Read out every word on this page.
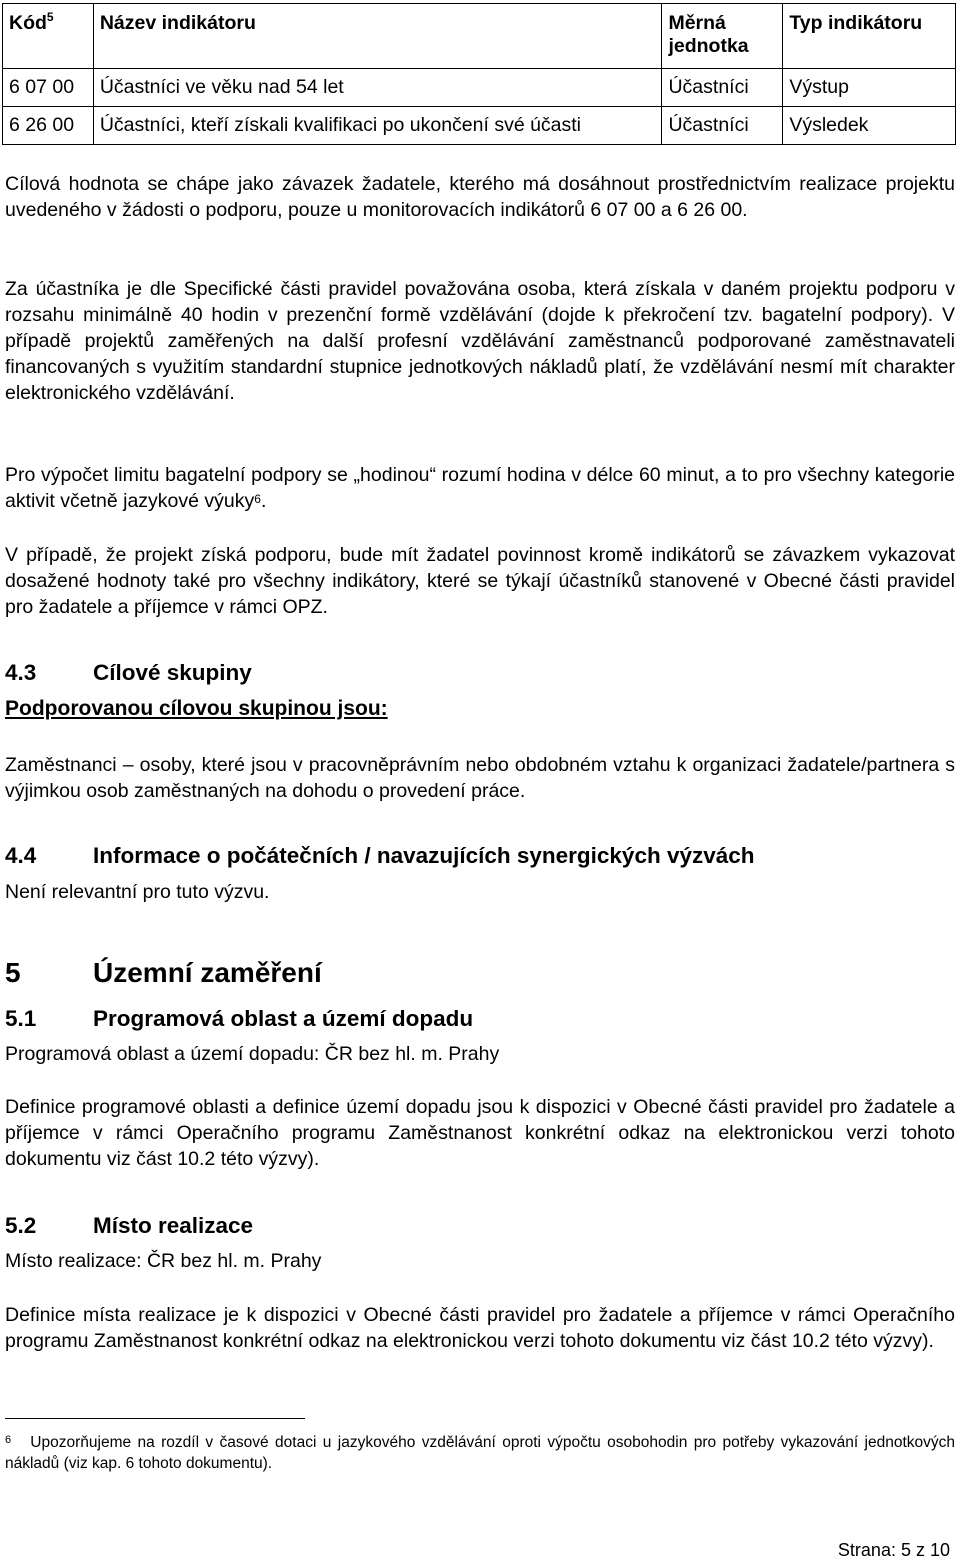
Kód$^5$	Název indikátoru	Měrná jednotka	Typ indikátoru
6 07 00	Účastníci ve věku nad 54 let	Účastníci	Výstup
6 26 00	Účastníci, kteří získali kvalifikaci po ukončení své účasti	Účastníci	Výsledek
Cílová hodnota se chápe jako závazek žadatele, kterého má dosáhnout prostřednictvím realizace projektu uvedeného v žádosti o podporu, pouze u monitorovacích indikátorů 6 07 00 a 6 26 00.
Za účastníka je dle Specifické části pravidel považována osoba, která získala v daném projektu podporu v rozsahu minimálně 40 hodin v prezenční formě vzdělávání (dojde k překročení tzv. bagatelní podpory). V případě projektů zaměřených na další profesní vzdělávání zaměstnanců podporované zaměstnavateli financovaných s využitím standardní stupnice jednotkových nákladů platí, že vzdělávání nesmí mít charakter elektronického vzdělávání.
Pro výpočet limitu bagatelní podpory se „hodinou“ rozumí hodina v délce 60 minut, a to pro všechny kategorie aktivit včetně jazykové výuky$^6$.
V případě, že projekt získá podporu, bude mít žadatel povinnost kromě indikátorů se závazkem vykazovat dosažené hodnoty také pro všechny indikátory, které se týkají účastníků stanovené v Obecné části pravidel pro žadatele a příjemce v rámci OPZ.
4.3	Cílové skupiny
Podporovanou cílovou skupinou jsou:
Zaměstnanci – osoby, které jsou v pracovněprávním nebo obdobném vztahu k organizaci žadatele/partnera s výjimkou osob zaměstnaných na dohodu o provedení práce.
4.4	Informace o počátečních / navazujících synergických výzvách
Není relevantní pro tuto výzvu.
5	Územní zaměření
5.1	Programová oblast a území dopadu
Programová oblast a území dopadu: ČR bez hl. m. Prahy
Definice programové oblasti a definice území dopadu jsou k dispozici v Obecné části pravidel pro žadatele a příjemce v rámci Operačního programu Zaměstnanost konkrétní odkaz na elektronickou verzi tohoto dokumentu viz část 10.2 této výzvy).
5.2	Místo realizace
Místo realizace: ČR bez hl. m. Prahy
Definice místa realizace je k dispozici v Obecné části pravidel pro žadatele a příjemce v rámci Operačního programu Zaměstnanost konkrétní odkaz na elektronickou verzi tohoto dokumentu viz část 10.2 této výzvy).
$^6$ Upozorňujeme na rozdíl v časové dotaci u jazykového vzdělávání oproti výpočtu osobohodin pro potřeby vykazování jednotkových nákladů (viz kap. 6 tohoto dokumentu).
Strana: 5 z 10
